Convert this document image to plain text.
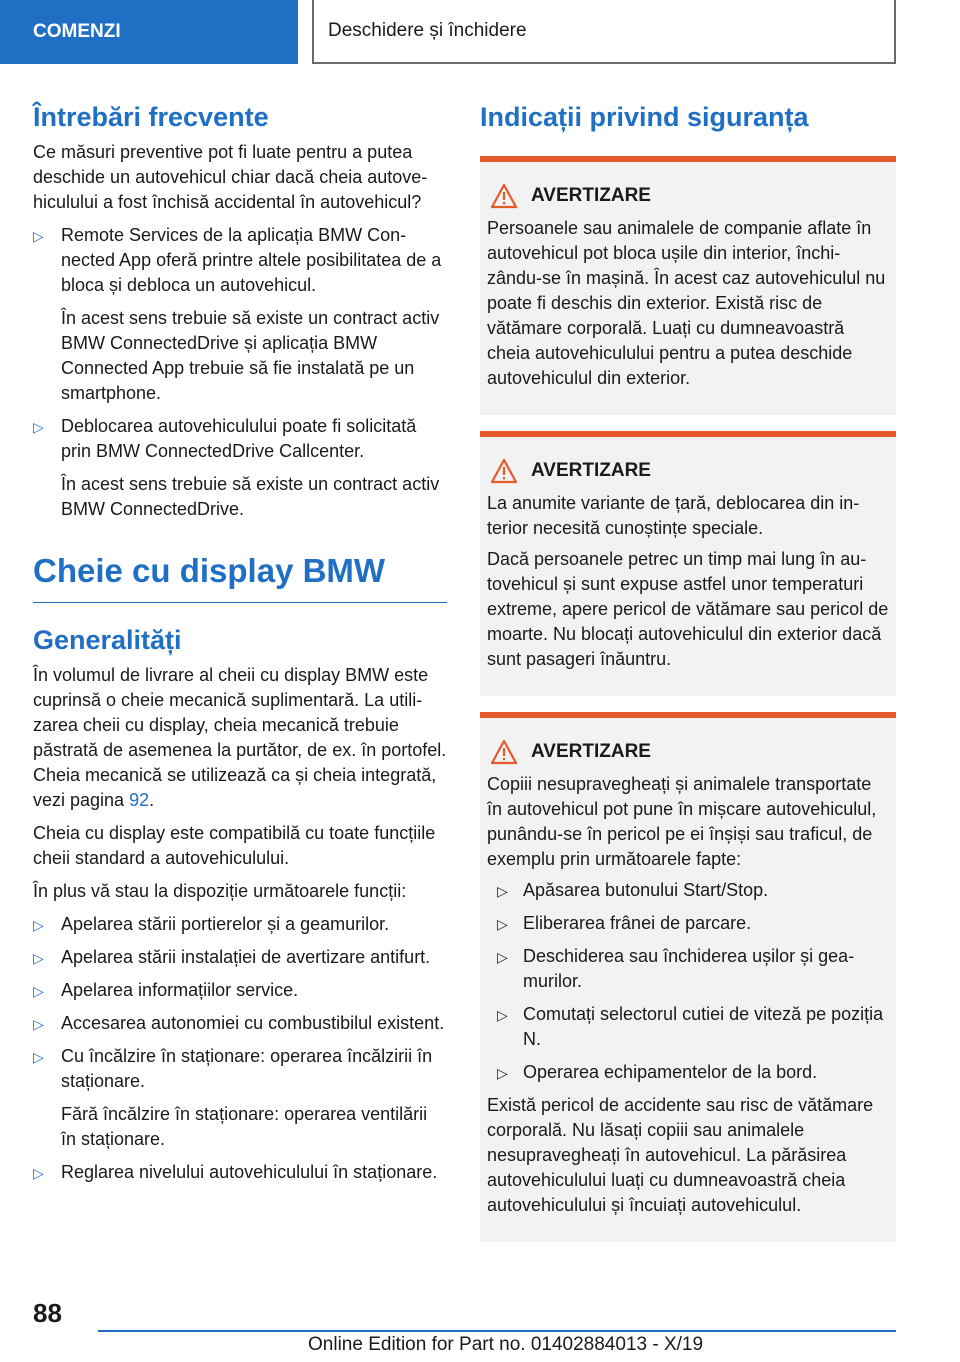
COMENZI	Deschidere și închidere
Întrebări frecvente

Ce măsuri preventive pot fi luate pentru a putea deschide un autovehicul chiar dacă cheia autovehiculului a fost închisă accidental în autovehicul?

▷ Remote Services de la aplicația BMW Connected App oferă printre altele posibilitatea de a bloca și debloca un autovehicul.
În acest sens trebuie să existe un contract activ BMW ConnectedDrive și aplicația BMW Connected App trebuie să fie instalată pe un smartphone.
▷ Deblocarea autovehiculului poate fi solicitată prin BMW ConnectedDrive Callcenter.
În acest sens trebuie să existe un contract activ BMW ConnectedDrive.
Cheie cu display BMW
Generalități

În volumul de livrare al cheii cu display BMW este cuprinsă o cheie mecanică suplimentară. La utilizarea cheii cu display, cheia mecanică trebuie păstrată de asemenea la purtător, de ex. în portofel. Cheia mecanică se utilizează ca și cheia integrată, vezi pagina 92.

Cheia cu display este compatibilă cu toate funcțiile cheii standard a autovehiculului.

În plus vă stau la dispoziție următoarele funcții:

▷ Apelarea stării portierelor și a geamurilor.
▷ Apelarea stării instalației de avertizare antifurt.
▷ Apelarea informațiilor service.
▷ Accesarea autonomiei cu combustibilul existent.
▷ Cu încălzire în staționare: operarea încălzirii în staționare.
Fără încălzire în staționare: operarea ventilării în staționare.
▷ Reglarea nivelului autovehiculului în staționare.
Indicații privind siguranța
AVERTIZARE

Persoanele sau animalele de companie aflate în autovehicul pot bloca ușile din interior, închizându-se în mașină. În acest caz autovehiculul nu poate fi deschis din exterior. Există risc de vătămare corporală. Luați cu dumneavoastră cheia autovehiculului pentru a putea deschide autovehiculul din exterior.

AVERTIZARE

La anumite variante de țară, deblocarea din interior necesită cunoștințe speciale.

Dacă persoanele petrec un timp mai lung în autovehicul și sunt expuse astfel unor temperaturi extreme, apere pericol de vătămare sau pericol de moarte. Nu blocați autovehiculul din exterior dacă sunt pasageri înăuntru.

AVERTIZARE

Copiii nesupravegheați și animalele transportate în autovehicul pot pune în mișcare autovehiculul, punându-se în pericol pe ei înșiși sau traficul, de exemplu prin următoarele fapte:

▷ Apăsarea butonului Start/Stop.
▷ Eliberarea frânei de parcare.
▷ Deschiderea sau închiderea ușilor și geamurilor.
▷ Comutați selectorul cutiei de viteză pe poziția N.
▷ Operarea echipamentelor de la bord.

Există pericol de accidente sau risc de vătămare corporală. Nu lăsați copiii sau animalele nesupravegheați în autovehicul. La părăsirea autovehiculului luați cu dumneavoastră cheia autovehiculului și încuiați autovehiculul.

88
Online Edition for Part no. 01402884013 - X/19
